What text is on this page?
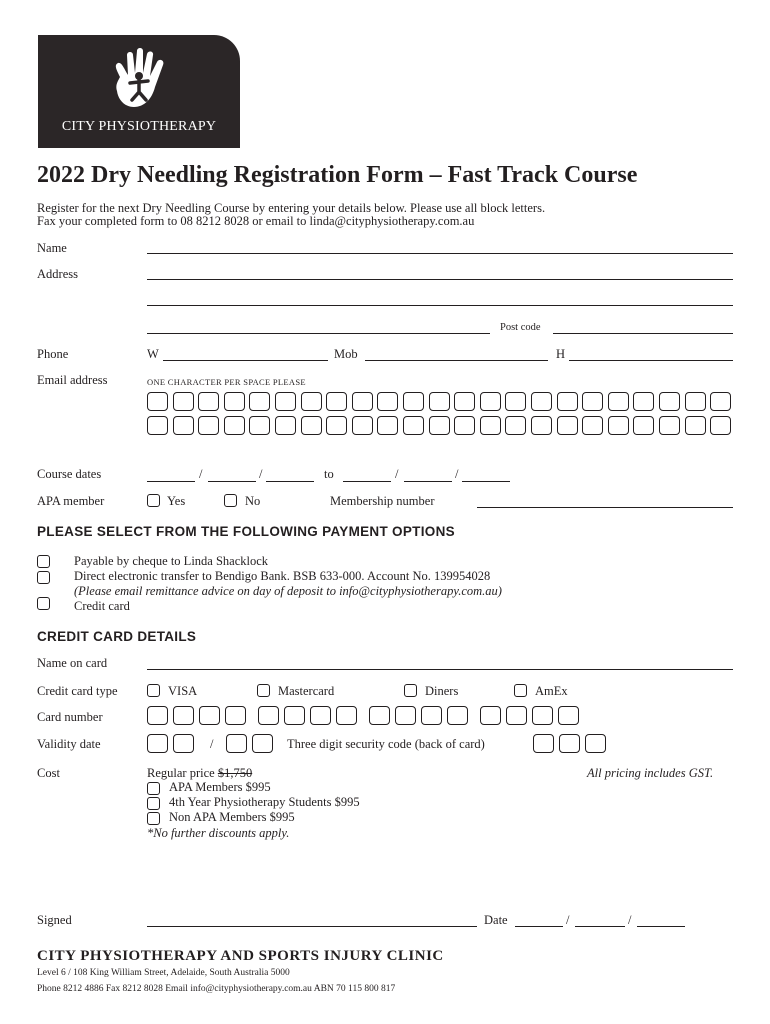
CITY PHYSIOTHERAPY
2022 Dry Needling Registration Form – Fast Track Course
Register for the next Dry Needling Course by entering your details below. Please use all block letters.
Fax your completed form to 08 8212 8028 or email to linda@cityphysiotherapy.com.au
Name
Address
Post code
Phone	W	Mob	H
Email address	ONE CHARACTER PER SPACE PLEASE
Course dates	/	/	to	/	/
APA member	Yes	No	Membership number
PLEASE SELECT FROM THE FOLLOWING PAYMENT OPTIONS
Payable by cheque to Linda Shacklock
Direct electronic transfer to Bendigo Bank. BSB 633-000. Account No. 139954028
(Please email remittance advice on day of deposit to info@cityphysiotherapy.com.au)
Credit card
CREDIT CARD DETAILS
Name on card
Credit card type	VISA	Mastercard	Diners	AmEx
Card number
Validity date	/	Three digit security code (back of card)
Cost	Regular price $1,750	All pricing includes GST.
APA Members $995
4th Year Physiotherapy Students $995
Non APA Members $995
*No further discounts apply.
Signed	Date	/	/
CITY PHYSIOTHERAPY AND SPORTS INJURY CLINIC
Level 6 / 108 King William Street, Adelaide, South Australia 5000
Phone 8212 4886 Fax 8212 8028 Email info@cityphysiotherapy.com.au ABN 70 115 800 817
